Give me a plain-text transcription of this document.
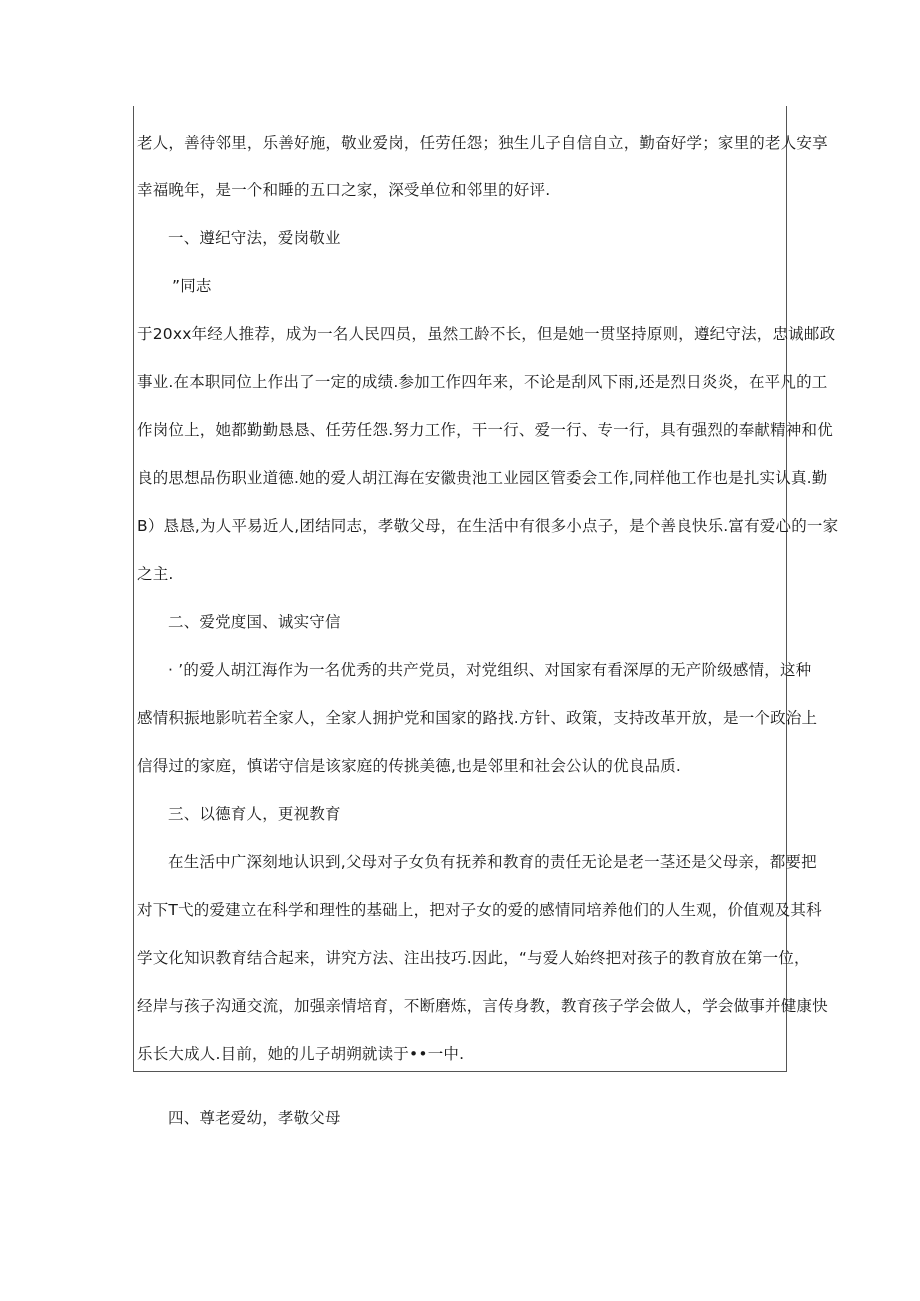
老人，善待邻里，乐善好施，敬业爱岗，任劳任怨；独生儿子自信自立，勤奋好学；家里的老人安享
幸福晚年，是一个和睡的五口之家，深受单位和邻里的好评.
一、遵纪守法，爱岗敬业
”同志
于20xx年经人推荐，成为一名人民四员，虽然工龄不长，但是她一贯坚持原则，遵纪守法，忠诚邮政
事业.在本职同位上作出了一定的成绩.参加工作四年来，不论是刮风下雨,还是烈日炎炎，在平凡的工
作岗位上，她都勤勤恳恳、任劳任怨.努力工作，干一行、爱一行、专一行，具有强烈的奉献精神和优
良的思想品伤职业道德.她的爱人胡江海在安徽贵池工业园区管委会工作,同样他工作也是扎实认真.勤
B）恳恳,为人平易近人,团结同志，孝敬父母，在生活中有很多小点子，是个善良快乐.富有爱心的一家
之主.
二、爱党度国、诚实守信
· ’的爱人胡江海作为一名优秀的共产党员，对党组织、对国家有看深厚的无产阶级感情，这种
感情积振地影吭若全家人，全家人拥护党和国家的路找.方针、政策，支持改革开放，是一个政治上
信得过的家庭，慎诺守信是该家庭的传挑美德,也是邻里和社会公认的优良品质.
三、以德育人，更视教育
在生活中广深刻地认识到,父母对子女负有抚养和教育的责任无论是老一茎还是父母亲，都要把
对下T弋的爱建立在科学和理性的基础上，把对子女的爱的感情同培养他们的人生观，价值观及其科
学文化知识教育结合起来，讲究方法、注出技巧.因此，“与爱人始终把对孩子的教育放在第一位，
经岸与孩子沟通交流，加强亲情培育，不断磨炼，言传身教，教育孩子学会做人，学会做事并健康快
乐长大成人.目前，她的儿子胡朔就读于••一中.
四、尊老爱幼，孝敬父母
